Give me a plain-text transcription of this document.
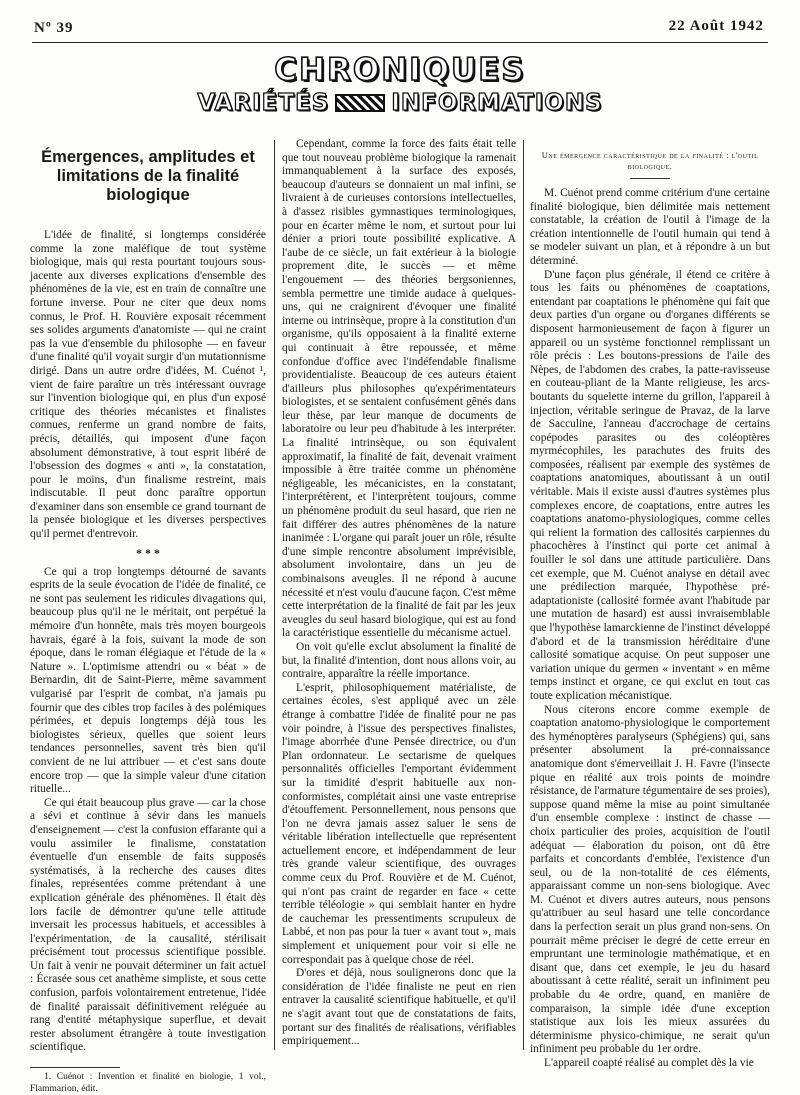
Nº 39	22 Août 1942
CHRONIQUES
VARIÉTÉS	INFORMATIONS
Émergences, amplitudes et limitations de la finalité biologique

L'idée de finalité, si longtemps considérée comme la zone maléfique de tout système biologique, mais qui resta pourtant toujours sous-jacente aux diverses explications d'ensemble des phénomènes de la vie, est en train de connaître une fortune inverse. Pour ne citer que deux noms connus, le Prof. H. Rouvière exposait récemment ses solides arguments d'anatomiste — qui ne craint pas la vue d'ensemble du philosophe — en faveur d'une finalité qu'il voyait surgir d'un mutationnisme dirigé. Dans un autre ordre d'idées, M. Cuénot ¹, vient de faire paraître un très intéressant ouvrage sur l'invention biologique qui, en plus d'un exposé critique des théories mécanistes et finalistes connues, renferme un grand nombre de faits, précis, détaillés, qui imposent d'une façon absolument démonstrative, à tout esprit libéré de l'obsession des dogmes « anti », la constatation, pour le moins, d'un finalisme restreint, mais indiscutable. Il peut donc paraître opportun d'examiner dans son ensemble ce grand tournant de la pensée biologique et les diverses perspectives qu'il permet d'entrevoir.

* * *

Ce qui a trop longtemps détourné de savants esprits de la seule évocation de l'idée de finalité, ce ne sont pas seulement les ridicules divagations qui, beaucoup plus qu'il ne le méritait, ont perpétué la mémoire d'un honnête, mais très moyen bourgeois havrais, égaré à la fois, suivant la mode de son époque, dans le roman élégiaque et l'étude de la « Nature ». L'optimisme attendri ou « béat » de Bernardin, dit de Saint-Pierre, même savamment vulgarisé par l'esprit de combat, n'a jamais pu fournir que des cibles trop faciles à des polémiques périmées, et depuis longtemps déjà tous les biologistes sérieux, quelles que soient leurs tendances personnelles, savent très bien qu'il convient de ne lui attribuer — et c'est sans doute encore trop — que la simple valeur d'une citation rituelle...

Ce qui était beaucoup plus grave — car la chose a sévi et continue à sévir dans les manuels d'enseignement — c'est la confusion effarante qui a voulu assimiler le finalisme, constatation éventuelle d'un ensemble de faits supposés systématisés, à la recherche des causes dites finales, représentées comme prétendant à une explication générale des phénomènes. Il était dès lors facile de démontrer qu'une telle attitude inversait les processus habituels, et accessibles à l'expérimentation, de la causalité, stérilisait précisément tout processus scientifique possible. Un fait à venir ne pouvait déterminer un fait actuel : Écrasée sous cet anathème simpliste, et sous cette confusion, parfois volontairement entretenue, l'idée de finalité paraissait définitivement reléguée au rang d'entité métaphysique superflue, et devait rester absolument étrangère à toute investigation scientifique.

1. Cuénot : Invention et finalité en biologie, 1 vol., Flammarion, édit.

Cependant, comme la force des faits était telle que tout nouveau problème biologique la ramenait immanquablement à la surface des exposés, beaucoup d'auteurs se donnaient un mal infini, se livraient à de curieuses contorsions intellectuelles, à d'assez risibles gymnastiques terminologiques, pour en écarter même le nom, et surtout pour lui dénier a priori toute possibilité explicative. A l'aube de ce siècle, un fait extérieur à la biologie proprement dite, le succès — et même l'engouement — des théories bergsoniennes, sembla permettre une timide audace à quelques-uns, qui ne craignirent d'évoquer une finalité interne ou intrinsèque, propre à la constitution d'un organisme, qu'ils opposaient à la finalité externe qui continuait à être repoussée, et même confondue d'office avec l'indéfendable finalisme providentialiste. Beaucoup de ces auteurs étaient d'ailleurs plus philosophes qu'expérimentateurs biologistes, et se sentaient confusément gênés dans leur thèse, par leur manque de documents de laboratoire ou leur peu d'habitude à les interpréter. La finalité intrinsèque, ou son équivalent approximatif, la finalité de fait, devenait vraiment impossible à être traitée comme un phénomène négligeable, les mécanicistes, en la constatant, l'interprétèrent, et l'interprètent toujours, comme un phénomène produit du seul hasard, que rien ne fait différer des autres phénomènes de la nature inanimée : L'organe qui paraît jouer un rôle, résulte d'une simple rencontre absolument imprévisible, absolument involontaire, dans un jeu de combinaisons aveugles. Il ne répond à aucune nécessité et n'est voulu d'aucune façon. C'est même cette interprétation de la finalité de fait par les jeux aveugles du seul hasard biologique, qui est au fond la caractéristique essentielle du mécanisme actuel.

On voit qu'elle exclut absolument la finalité de but, la finalité d'intention, dont nous allons voir, au contraire, apparaître la réelle importance.

L'esprit, philosophiquement matérialiste, de certaines écoles, s'est appliqué avec un zèle étrange à combattre l'idée de finalité pour ne pas voir poindre, à l'issue des perspectives finalistes, l'image aborrhée d'une Pensée directrice, ou d'un Plan ordonnateur. Le sectarisme de quelques personnalités officielles l'emportant évidemment sur la timidité d'esprit habituelle aux non-conformistes, complétait ainsi une vaste entreprise d'étouffement. Personnellement, nous pensons que l'on ne devra jamais assez saluer le sens de véritable libération intellectuelle que représentent actuellement encore, et indépendamment de leur très grande valeur scientifique, des ouvrages comme ceux du Prof. Rouvière et de M. Cuénot, qui n'ont pas craint de regarder en face « cette terrible téléologie » qui semblait hanter en hydre de cauchemar les pressentiments scrupuleux de Labbé, et non pas pour la tuer « avant tout », mais simplement et uniquement pour voir si elle ne correspondait pas à quelque chose de réel.

D'ores et déjà, nous soulignerons donc que la considération de l'idée finaliste ne peut en rien entraver la causalité scientifique habituelle, et qu'il ne s'agit avant tout que de constatations de faits, portant sur des finalités de réalisations, vérifiables empiriquement...

Une émergence caractéristique de la finalité : l'outil biologique.

M. Cuénot prend comme critérium d'une certaine finalité biologique, bien délimitée mais nettement constatable, la création de l'outil à l'image de la création intentionnelle de l'outil humain qui tend à se modeler suivant un plan, et à répondre à un but déterminé.

D'une façon plus générale, il étend ce critère à tous les faits ou phénomènes de coaptations, entendant par coaptations le phénomène qui fait que deux parties d'un organe ou d'organes différents se disposent harmonieusement de façon à figurer un appareil ou un système fonctionnel remplissant un rôle précis : Les boutons-pressions de l'aile des Nèpes, de l'abdomen des crabes, la patte-ravisseuse en couteau-pliant de la Mante religieuse, les arcs-boutants du squelette interne du grillon, l'appareil à injection, véritable seringue de Pravaz, de la larve de Sacculine, l'anneau d'accrochage de certains copépodes parasites ou des coléoptères myrmécophiles, les parachutes des fruits des composées, réalisent par exemple des systèmes de coaptations anatomiques, aboutissant à un outil véritable. Mais il existe aussi d'autres systèmes plus complexes encore, de coaptations, entre autres les coaptations anatomo-physiologiques, comme celles qui relient la formation des callosités carpiennes du phacochères à l'instinct qui porte cet animal à fouiller le sol dans une attitude particulière. Dans cet exemple, que M. Cuénot analyse en détail avec une prédilection marquée, l'hypothèse pré-adaptationiste (callosité formée avant l'habitude par une mutation de hasard) est aussi invraisemblable que l'hypothèse lamarckienne de l'instinct développé d'abord et de la transmission héréditaire d'une callosité somatique acquise. On peut supposer une variation unique du germen « inventant » en même temps instinct et organe, ce qui exclut en tout cas toute explication mécanistique.

Nous citerons encore comme exemple de coaptation anatomo-physiologique le comportement des hyménoptères paralyseurs (Sphégiens) qui, sans présenter absolument la pré-connaissance anatomique dont s'émerveillait J. H. Favre (l'insecte pique en réalité aux trois points de moindre résistance, de l'armature tégumentaire de ses proies), suppose quand même la mise au point simultanée d'un ensemble complexe : instinct de chasse — choix particulier des proies, acquisition de l'outil adéquat — élaboration du poison, ont dû être parfaits et concordants d'emblée, l'existence d'un seul, ou de la non-totalité de ces éléments, apparaissant comme un non-sens biologique. Avec M. Cuénot et divers autres auteurs, nous pensons qu'attribuer au seul hasard une telle concordance dans la perfection serait un plus grand non-sens. On pourrait même préciser le degré de cette erreur en empruntant une terminologie mathématique, et en disant que, dans cet exemple, le jeu du hasard aboutissant à cette réalité, serait un infiniment peu probable du 4e ordre, quand, en manière de comparaison, la simple idée d'une exception statistique aux lois les mieux assurées du déterminisme physico-chimique, ne serait qu'un infiniment peu probable du 1er ordre.

L'appareil coapté réalisé au complet dès la vie
